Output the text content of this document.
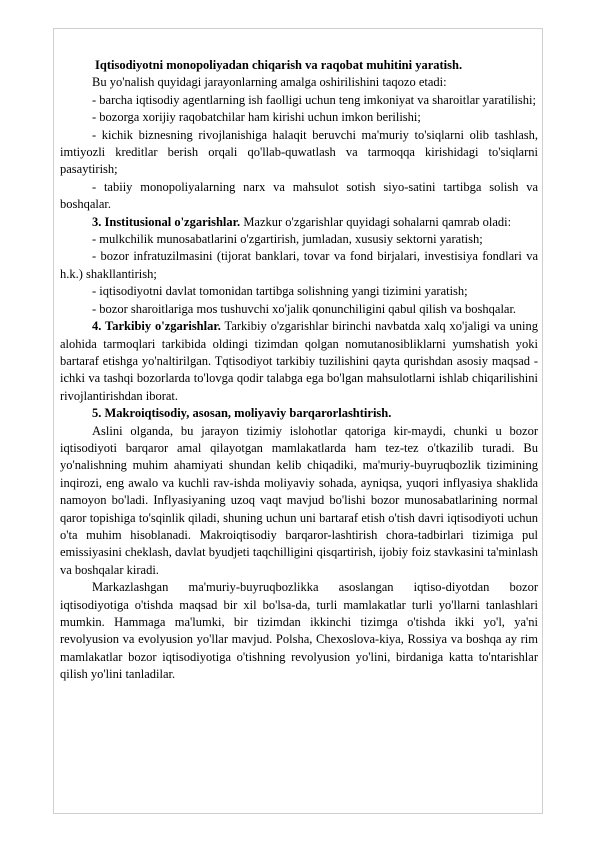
Iqtisodiyotni monopoliyadan chiqarish va raqobat muhitini yaratish.

Bu yo'nalish quyidagi jarayonlarning amalga oshirilishini taqozo etadi:

- barcha iqtisodiy agentlarning ish faolligi uchun teng imkoniyat va sharoitlar yaratilishi;

- bozorga xorijiy raqobatchilar ham kirishi uchun imkon berilishi;

- kichik biznesning rivojlanishiga halaqit beruvchi ma'muriy to'siqlarni olib tashlash, imtiyozli kreditlar berish orqali qo'llab-quwatlash va tarmoqqa kirishidagi to'siqlarni pasaytirish;

- tabiiy monopoliyalarning narx va mahsulot sotish siyo-satini tartibga solish va boshqalar.

3. Institusional o'zgarishlar. Mazkur o'zgarishlar quyidagi sohalarni qamrab oladi:

- mulkchilik munosabatlarini o'zgartirish, jumladan, xususiy sektorni yaratish;

- bozor infratuzilmasini (tijorat banklari, tovar va fond birjalari, investisiya fondlari va h.k.) shakllantirish;

- iqtisodiyotni davlat tomonidan tartibga solishning yangi tizimini yaratish;

- bozor sharoitlariga mos tushuvchi xo'jalik qonunchiligini qabul qilish va boshqalar.

4. Tarkibiy o'zgarishlar. Tarkibiy o'zgarishlar birinchi navbatda xalq xo'jaligi va uning alohida tarmoqlari tarkibida oldingi tizimdan qolgan nomutanosibliklarni yumshatish yoki bartaraf etishga yo'naltirilgan. Tqtisodiyot tarkibiy tuzilishini qayta qurishdan asosiy maqsad - ichki va tashqi bozorlarda to'lovga qodir talabga ega bo'lgan mahsulotlarni ishlab chiqarilishini rivojlantirishdan iborat.

5. Makroiqtisodiy, asosan, moliyaviy barqarorlashtirish.

Aslini olganda, bu jarayon tizimiy islohotlar qatoriga kir-maydi, chunki u bozor iqtisodiyoti barqaror amal qilayotgan mamlakatlarda ham tez-tez o'tkazilib turadi. Bu yo'nalishning muhim ahamiyati shundan kelib chiqadiki, ma'muriy-buyruqbozlik tizimining inqirozi, eng awalo va kuchli rav-ishda moliyaviy sohada, ayniqsa, yuqori inflyasiya shaklida namoyon bo'ladi. Inflyasiyaning uzoq vaqt mavjud bo'lishi bozor munosabatlarining normal qaror topishiga to'sqinlik qiladi, shuning uchun uni bartaraf etish o'tish davri iqtisodiyoti uchun o'ta muhim hisoblanadi. Makroiqtisodiy barqaror-lashtirish chora-tadbirlari tizimiga pul emissiyasini cheklash, davlat byudjeti taqchilligini qisqartirish, ijobiy foiz stavkasini ta'minlash va boshqalar kiradi.

Markazlashgan ma'muriy-buyruqbozlikka asoslangan iqtiso-diyotdan bozor iqtisodiyotiga o'tishda maqsad bir xil bo'lsa-da, turli mamlakatlar turli yo'llarni tanlashlari mumkin. Hammaga ma'lumki, bir tizimdan ikkinchi tizimga o'tishda ikki yo'l, ya'ni revolyusion va evolyusion yo'llar mavjud. Polsha, Chexoslova-kiya, Rossiya va boshqa ay rim mamlakatlar bozor iqtisodiyotiga o'tishning revolyusion yo'lini, birdaniga katta to'ntarishlar qilish yo'lini tanladilar.
